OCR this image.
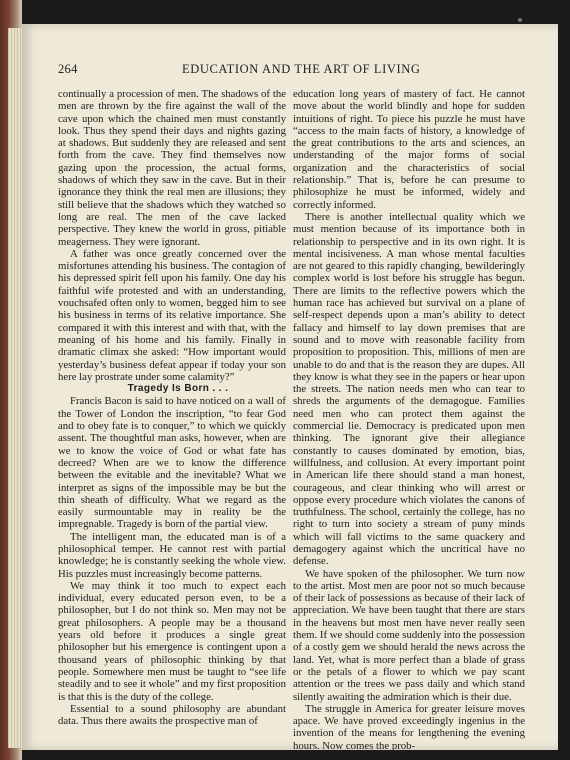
264	EDUCATION AND THE ART OF LIVING

continually a procession of men. The shadows of the men are thrown by the fire against the wall of the cave upon which the chained men must constantly look. Thus they spend their days and nights gazing at shadows. But suddenly they are released and sent forth from the cave. They find themselves now gazing upon the procession, the actual forms, shadows of which they saw in the cave. But in their ignorance they think the real men are illusions; they still believe that the shadows which they watched so long are real. The men of the cave lacked perspective. They knew the world in gross, pitiable meagerness. They were ignorant.

A father was once greatly concerned over the misfortunes attending his business. The contagion of his depressed spirit fell upon his family. One day his faithful wife protested and with an understanding, vouchsafed often only to women, begged him to see his business in terms of its relative importance. She compared it with this interest and with that, with the meaning of his home and his family. Finally in dramatic climax she asked: “How important would yesterday’s business defeat appear if today your son here lay prostrate under some calamity?”

Tragedy Is Born . . .

Francis Bacon is said to have noticed on a wall of the Tower of London the inscription, “to fear God and to obey fate is to conquer,” to which we quickly assent. The thoughtful man asks, however, when are we to know the voice of God or what fate has decreed? When are we to know the difference between the evitable and the inevitable? What we interpret as signs of the impossible may be but the thin sheath of difficulty. What we regard as the easily surmountable may in reality be the impregnable. Tragedy is born of the partial view.

The intelligent man, the educated man is of a philosophical temper. He cannot rest with partial knowledge; he is constantly seeking the whole view. His puzzles must increasingly become patterns.

We may think it too much to expect each individual, every educated person even, to be a philosopher, but I do not think so. Men may not be great philosophers. A people may be a thousand years old before it produces a single great philosopher but his emergence is contingent upon a thousand years of philosophic thinking by that people. Somewhere men must be taught to “see life steadily and to see it whole” and my first proposition is that this is the duty of the college.

Essential to a sound philosophy are abundant data. Thus there awaits the prospective man of

education long years of mastery of fact. He cannot move about the world blindly and hope for sudden intuitions of right. To piece his puzzle he must have “access to the main facts of history, a knowledge of the great contributions to the arts and sciences, an understanding of the major forms of social organization and the characteristics of social relationship.” That is, before he can presume to philosophize he must be informed, widely and correctly informed.

There is another intellectual quality which we must mention because of its importance both in relationship to perspective and in its own right. It is mental incisiveness. A man whose mental faculties are not geared to this rapidly changing, bewilderingly complex world is lost before his struggle has begun. There are limits to the reflective powers which the human race has achieved but survival on a plane of self-respect depends upon a man’s ability to detect fallacy and himself to lay down premises that are sound and to move with reasonable facility from proposition to proposition. This, millions of men are unable to do and that is the reason they are dupes. All they know is what they see in the papers or hear upon the streets. The nation needs men who can tear to shreds the arguments of the demagogue. Families need men who can protect them against the commercial lie. Democracy is predicated upon men thinking. The ignorant give their allegiance constantly to causes dominated by emotion, bias, willfulness, and collusion. At every important point in American life there should stand a man honest, courageous, and clear thinking who will arrest or oppose every procedure which violates the canons of truthfulness. The school, certainly the college, has no right to turn into society a stream of puny minds which will fall victims to the same quackery and demagogery against which the uncritical have no defense.

We have spoken of the philosopher. We turn now to the artist. Most men are poor not so much because of their lack of possessions as because of their lack of appreciation. We have been taught that there are stars in the heavens but most men have never really seen them. If we should come suddenly into the possession of a costly gem we should herald the news across the land. Yet, what is more perfect than a blade of grass or the petals of a flower to which we pay scant attention or the trees we pass daily and which stand silently awaiting the admiration which is their due.

The struggle in America for greater leisure moves apace. We have proved exceedingly ingenius in the invention of the means for lengthening the evening hours. Now comes the prob-
